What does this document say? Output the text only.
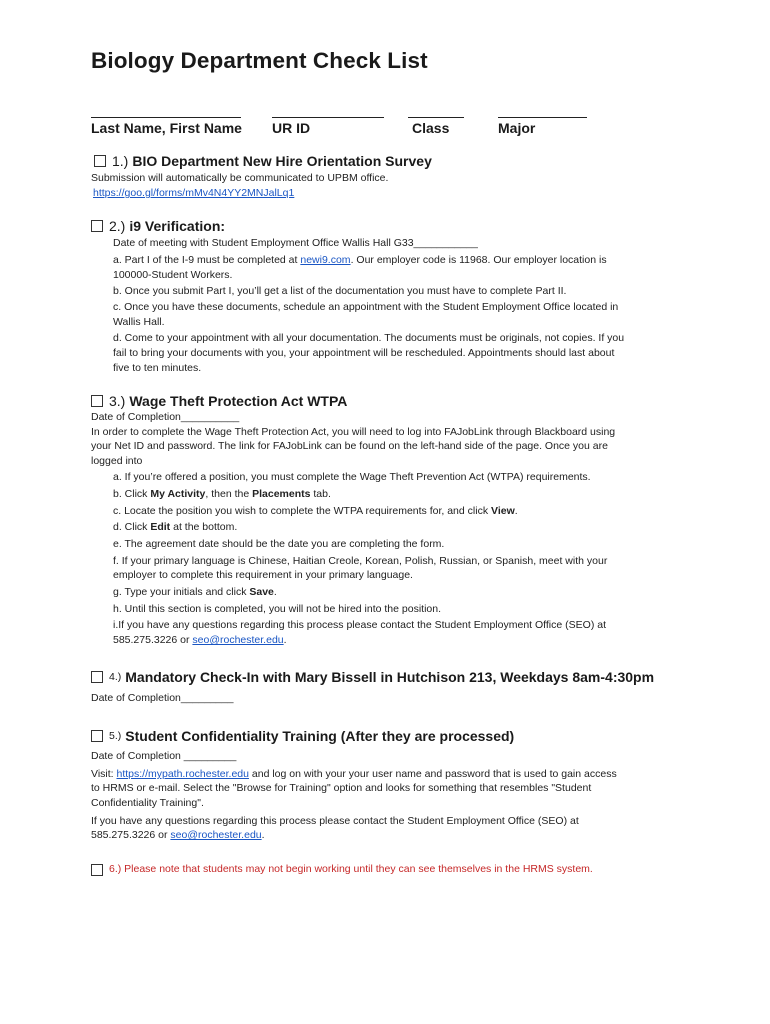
Biology Department Check List
Last Name, First Name UR ID	Class	Major
1.) BIO Department New Hire Orientation Survey
Submission will automatically be communicated to UPBM office.
https://goo.gl/forms/mMv4N4YY2MNJalLq1
2.) i9 Verification:
Date of meeting with Student Employment Office Wallis Hall G33___________
a. Part I of the I-9 must be completed at newi9.com. Our employer code is 11968. Our employer location is
100000-Student Workers.
b. Once you submit Part I, you’ll get a list of the documentation you must have to complete Part II.
c. Once you have these documents, schedule an appointment with the Student Employment Office located in
Wallis Hall.
d. Come to your appointment with all your documentation. The documents must be originals, not copies. If you
fail to bring your documents with you, your appointment will be rescheduled. Appointments should last about
five to ten minutes.
3.) Wage Theft Protection Act WTPA
Date of Completion__________
In order to complete the Wage Theft Protection Act, you will need to log into FAJobLink through Blackboard using
your Net ID and password. The link for FAJobLink can be found on the left-hand side of the page. Once you are
logged into
a. If you’re offered a position, you must complete the Wage Theft Prevention Act (WTPA) requirements.
b. Click My Activity, then the Placements tab.
c. Locate the position you wish to complete the WTPA requirements for, and click View.
d. Click Edit at the bottom.
e. The agreement date should be the date you are completing the form.
f. If your primary language is Chinese, Haitian Creole, Korean, Polish, Russian, or Spanish, meet with your
employer to complete this requirement in your primary language.
g. Type your initials and click Save.
h. Until this section is completed, you will not be hired into the position.
i.If you have any questions regarding this process please contact the Student Employment Office (SEO) at
585.275.3226 or seo@rochester.edu.
4.) Mandatory Check-In with Mary Bissell in Hutchison 213, Weekdays 8am-4:30pm
Date of Completion_________
5.) Student Confidentiality Training (After they are processed)
Date of Completion _________
Visit: https://mypath.rochester.edu and log on with your your user name and password that is used to gain access
to HRMS or e-mail. Select the "Browse for Training" option and looks for something that resembles "Student
Confidentiality Training".
If you have any questions regarding this process please contact the Student Employment Office (SEO) at
585.275.3226 or seo@rochester.edu.
6.) Please note that students may not begin working until they can see themselves in the HRMS system.
